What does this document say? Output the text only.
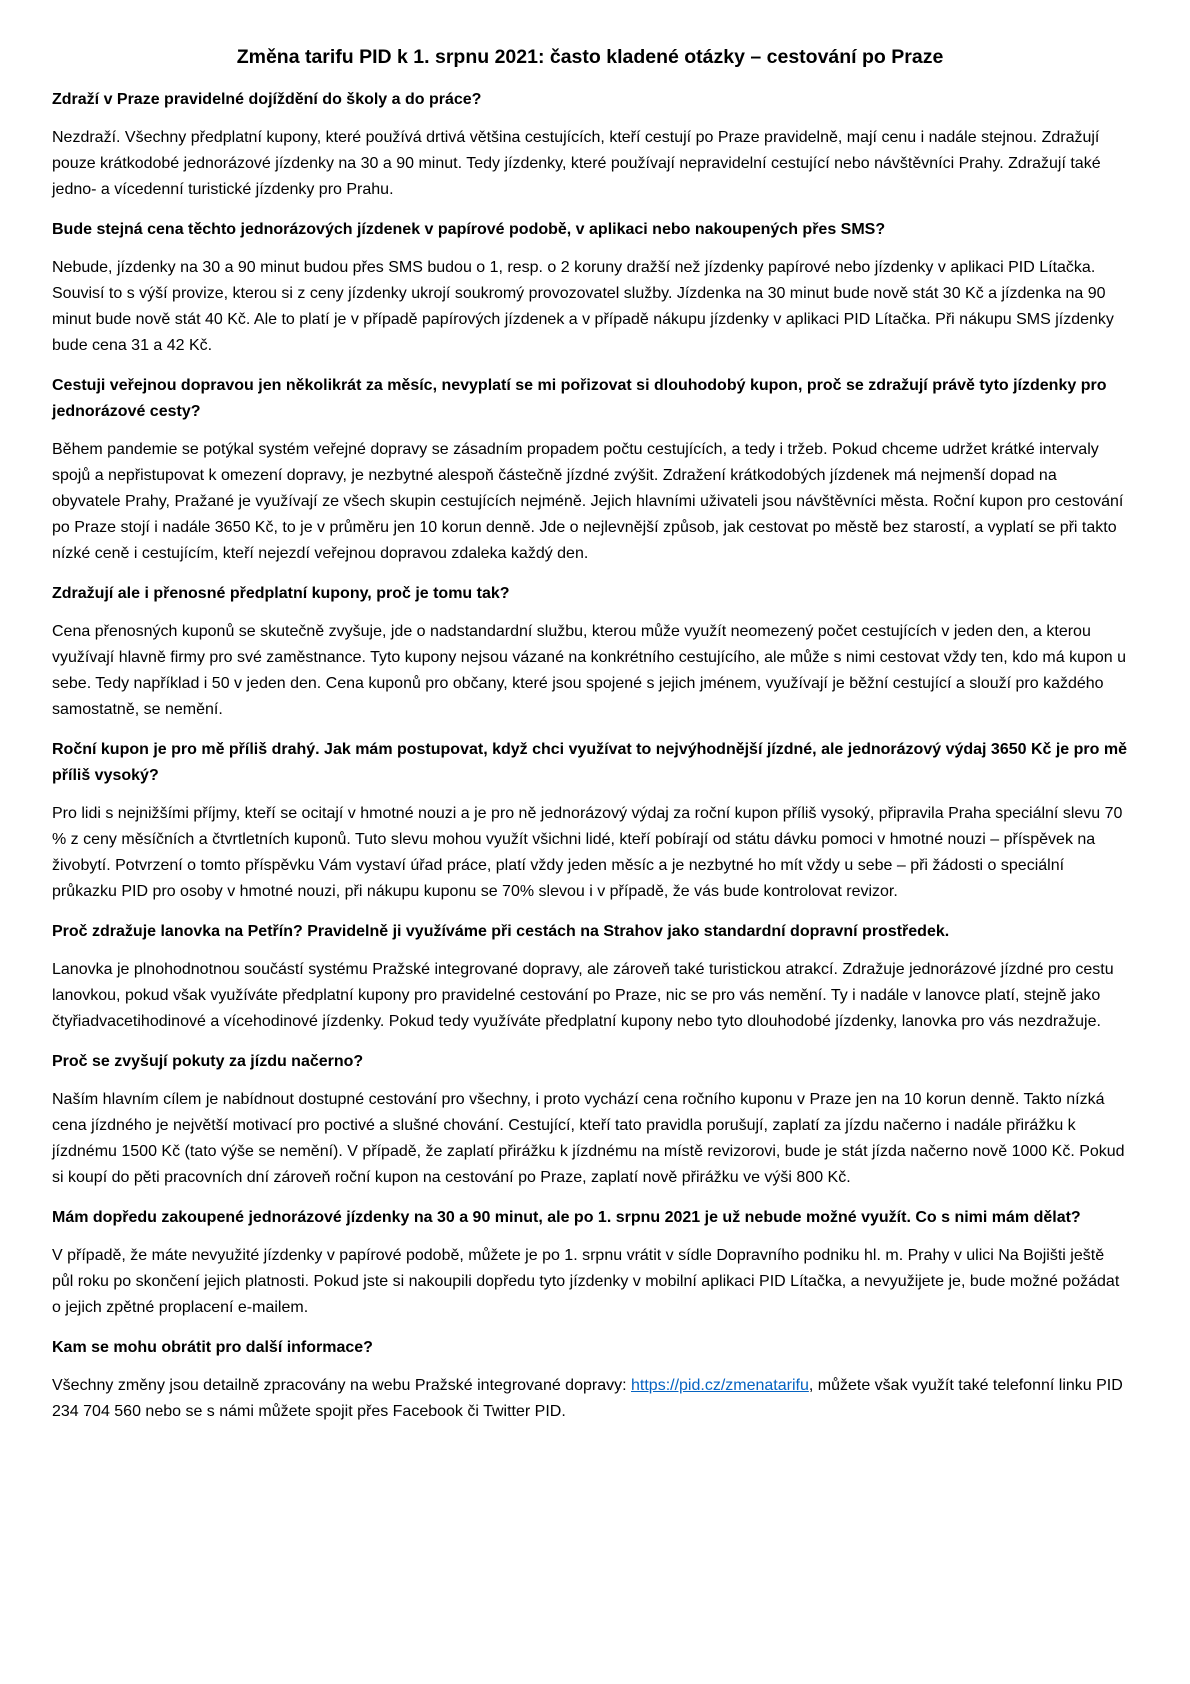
Změna tarifu PID k 1. srpnu 2021: často kladené otázky – cestování po Praze

Zdraží v Praze pravidelné dojíždění do školy a do práce?

Nezdraží. Všechny předplatní kupony, které používá drtivá většina cestujících, kteří cestují po Praze pravidelně, mají cenu i nadále stejnou. Zdražují pouze krátkodobé jednorázové jízdenky na 30 a 90 minut. Tedy jízdenky, které používají nepravidelní cestující nebo návštěvníci Prahy. Zdražují také jedno- a vícedenní turistické jízdenky pro Prahu.

Bude stejná cena těchto jednorázových jízdenek v papírové podobě, v aplikaci nebo nakoupených přes SMS?

Nebude, jízdenky na 30 a 90 minut budou přes SMS budou o 1, resp. o 2 koruny dražší než jízdenky papírové nebo jízdenky v aplikaci PID Lítačka. Souvisí to s výší provize, kterou si z ceny jízdenky ukrojí soukromý provozovatel služby. Jízdenka na 30 minut bude nově stát 30 Kč a jízdenka na 90 minut bude nově stát 40 Kč. Ale to platí je v případě papírových jízdenek a v případě nákupu jízdenky v aplikaci PID Lítačka. Při nákupu SMS jízdenky bude cena 31 a 42 Kč.

Cestuji veřejnou dopravou jen několikrát za měsíc, nevyplatí se mi pořizovat si dlouhodobý kupon, proč se zdražují právě tyto jízdenky pro jednorázové cesty?

Během pandemie se potýkal systém veřejné dopravy se zásadním propadem počtu cestujících, a tedy i tržeb. Pokud chceme udržet krátké intervaly spojů a nepřistupovat k omezení dopravy, je nezbytné alespoň částečně jízdné zvýšit. Zdražení krátkodobých jízdenek má nejmenší dopad na obyvatele Prahy, Pražané je využívají ze všech skupin cestujících nejméně. Jejich hlavními uživateli jsou návštěvníci města. Roční kupon pro cestování po Praze stojí i nadále 3650 Kč, to je v průměru jen 10 korun denně. Jde o nejlevnější způsob, jak cestovat po městě bez starostí, a vyplatí se při takto nízké ceně i cestujícím, kteří nejezdí veřejnou dopravou zdaleka každý den.

Zdražují ale i přenosné předplatní kupony, proč je tomu tak?

Cena přenosných kuponů se skutečně zvyšuje, jde o nadstandardní službu, kterou může využít neomezený počet cestujících v jeden den, a kterou využívají hlavně firmy pro své zaměstnance. Tyto kupony nejsou vázané na konkrétního cestujícího, ale může s nimi cestovat vždy ten, kdo má kupon u sebe. Tedy například i 50 v jeden den. Cena kuponů pro občany, které jsou spojené s jejich jménem, využívají je běžní cestující a slouží pro každého samostatně, se nemění.

Roční kupon je pro mě příliš drahý. Jak mám postupovat, když chci využívat to nejvýhodnější jízdné, ale jednorázový výdaj 3650 Kč je pro mě příliš vysoký?

Pro lidi s nejnižšími příjmy, kteří se ocitají v hmotné nouzi a je pro ně jednorázový výdaj za roční kupon příliš vysoký, připravila Praha speciální slevu 70 % z ceny měsíčních a čtvrtletních kuponů. Tuto slevu mohou využít všichni lidé, kteří pobírají od státu dávku pomoci v hmotné nouzi – příspěvek na živobytí. Potvrzení o tomto příspěvku Vám vystaví úřad práce, platí vždy jeden měsíc a je nezbytné ho mít vždy u sebe – při žádosti o speciální průkazku PID pro osoby v hmotné nouzi, při nákupu kuponu se 70% slevou i v případě, že vás bude kontrolovat revizor.

Proč zdražuje lanovka na Petřín? Pravidelně ji využíváme při cestách na Strahov jako standardní dopravní prostředek.

Lanovka je plnohodnotnou součástí systému Pražské integrované dopravy, ale zároveň také turistickou atrakcí. Zdražuje jednorázové jízdné pro cestu lanovkou, pokud však využíváte předplatní kupony pro pravidelné cestování po Praze, nic se pro vás nemění. Ty i nadále v lanovce platí, stejně jako čtyřiadvacetihodinové a vícehodinové jízdenky. Pokud tedy využíváte předplatní kupony nebo tyto dlouhodobé jízdenky, lanovka pro vás nezdražuje.

Proč se zvyšují pokuty za jízdu načerno?

Naším hlavním cílem je nabídnout dostupné cestování pro všechny, i proto vychází cena ročního kuponu v Praze jen na 10 korun denně. Takto nízká cena jízdného je největší motivací pro poctivé a slušné chování. Cestující, kteří tato pravidla porušují, zaplatí za jízdu načerno i nadále přirážku k jízdnému 1500 Kč (tato výše se nemění). V případě, že zaplatí přirážku k jízdnému na místě revizorovi, bude je stát jízda načerno nově 1000 Kč. Pokud si koupí do pěti pracovních dní zároveň roční kupon na cestování po Praze, zaplatí nově přirážku ve výši 800 Kč.

Mám dopředu zakoupené jednorázové jízdenky na 30 a 90 minut, ale po 1. srpnu 2021 je už nebude možné využít. Co s nimi mám dělat?

V případě, že máte nevyužité jízdenky v papírové podobě, můžete je po 1. srpnu vrátit v sídle Dopravního podniku hl. m. Prahy v ulici Na Bojišti ještě půl roku po skončení jejich platnosti. Pokud jste si nakoupili dopředu tyto jízdenky v mobilní aplikaci PID Lítačka, a nevyužijete je, bude možné požádat o jejich zpětné proplacení e-mailem.

Kam se mohu obrátit pro další informace?

Všechny změny jsou detailně zpracovány na webu Pražské integrované dopravy: https://pid.cz/zmenatarifu, můžete však využít také telefonní linku PID 234 704 560 nebo se s námi můžete spojit přes Facebook či Twitter PID.
